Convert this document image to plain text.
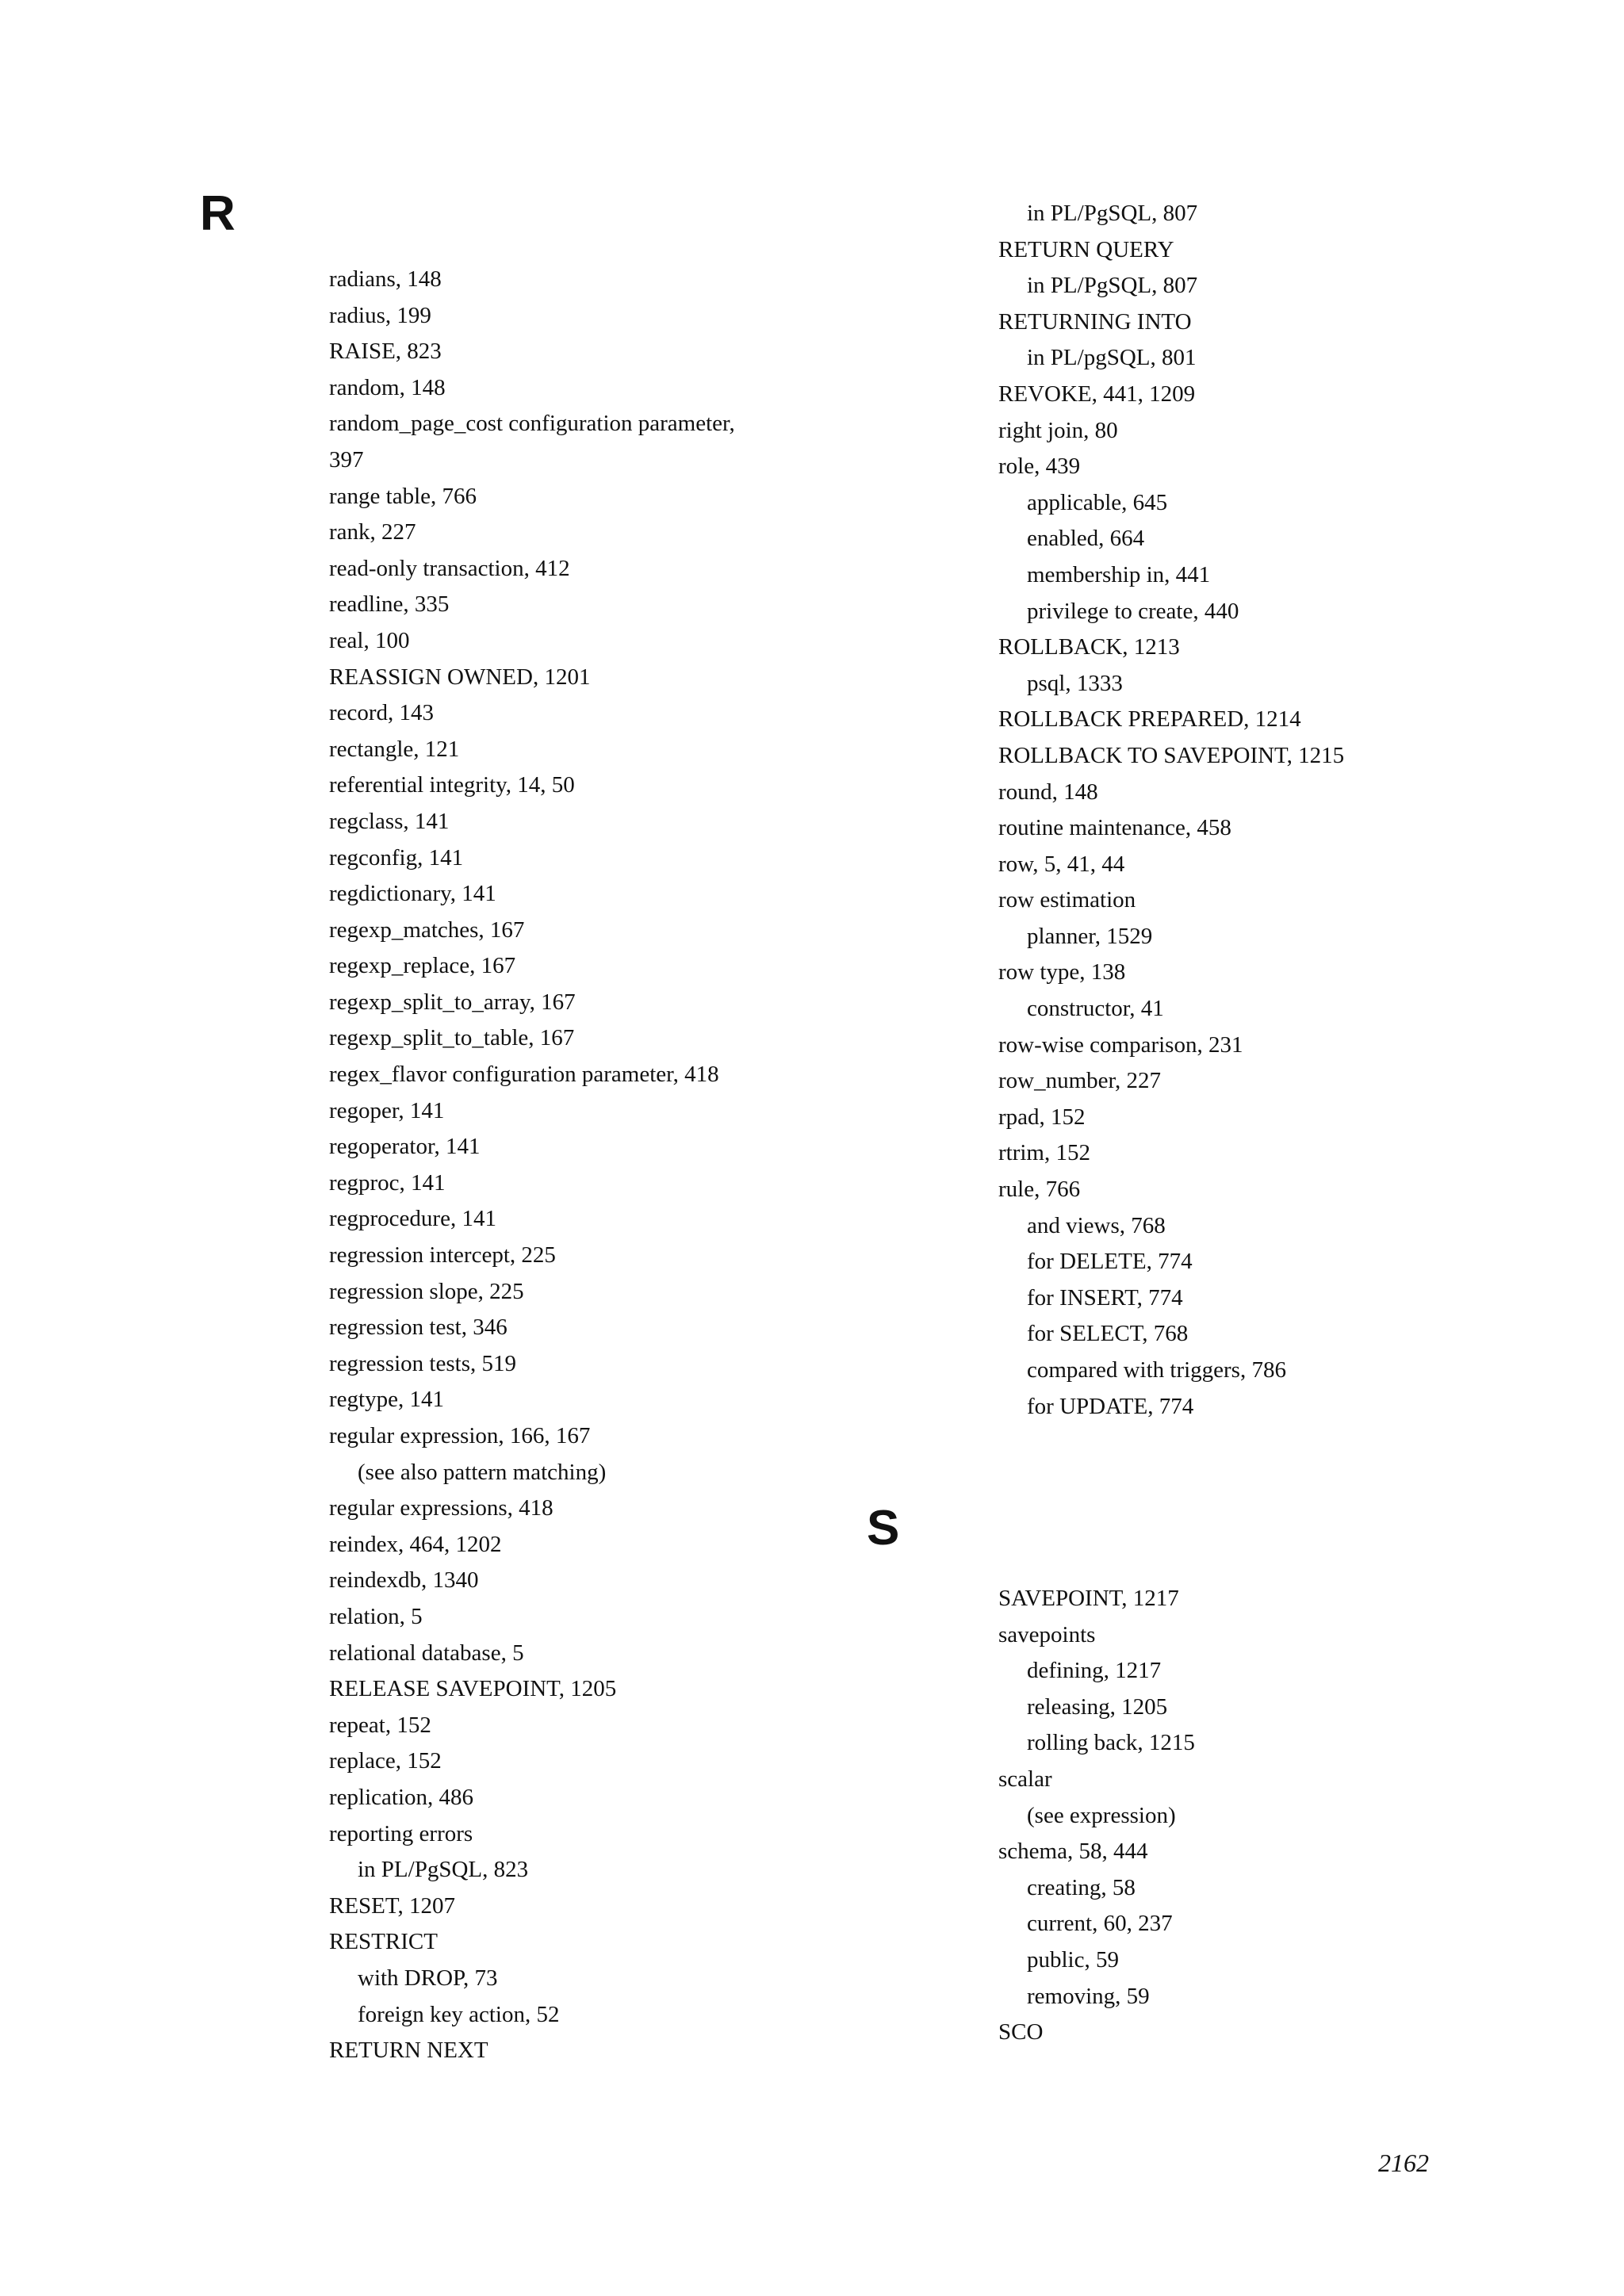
R
S
radians, 148
radius, 199
RAISE, 823
random, 148
random_page_cost configuration parameter,
397
range table, 766
rank, 227
read-only transaction, 412
readline, 335
real, 100
REASSIGN OWNED, 1201
record, 143
rectangle, 121
referential integrity, 14, 50
regclass, 141
regconfig, 141
regdictionary, 141
regexp_matches, 167
regexp_replace, 167
regexp_split_to_array, 167
regexp_split_to_table, 167
regex_flavor configuration parameter, 418
regoper, 141
regoperator, 141
regproc, 141
regprocedure, 141
regression intercept, 225
regression slope, 225
regression test, 346
regression tests, 519
regtype, 141
regular expression, 166, 167
(see also pattern matching)
regular expressions, 418
reindex, 464, 1202
reindexdb, 1340
relation, 5
relational database, 5
RELEASE SAVEPOINT, 1205
repeat, 152
replace, 152
replication, 486
reporting errors
in PL/PgSQL, 823
RESET, 1207
RESTRICT
with DROP, 73
foreign key action, 52
RETURN NEXT
in PL/PgSQL, 807
RETURN QUERY
in PL/PgSQL, 807
RETURNING INTO
in PL/pgSQL, 801
REVOKE, 441, 1209
right join, 80
role, 439
applicable, 645
enabled, 664
membership in, 441
privilege to create, 440
ROLLBACK, 1213
psql, 1333
ROLLBACK PREPARED, 1214
ROLLBACK TO SAVEPOINT, 1215
round, 148
routine maintenance, 458
row, 5, 41, 44
row estimation
planner, 1529
row type, 138
constructor, 41
row-wise comparison, 231
row_number, 227
rpad, 152
rtrim, 152
rule, 766
and views, 768
for DELETE, 774
for INSERT, 774
for SELECT, 768
compared with triggers, 786
for UPDATE, 774
SAVEPOINT, 1217
savepoints
defining, 1217
releasing, 1205
rolling back, 1215
scalar
(see expression)
schema, 58, 444
creating, 58
current, 60, 237
public, 59
removing, 59
SCO
2162
